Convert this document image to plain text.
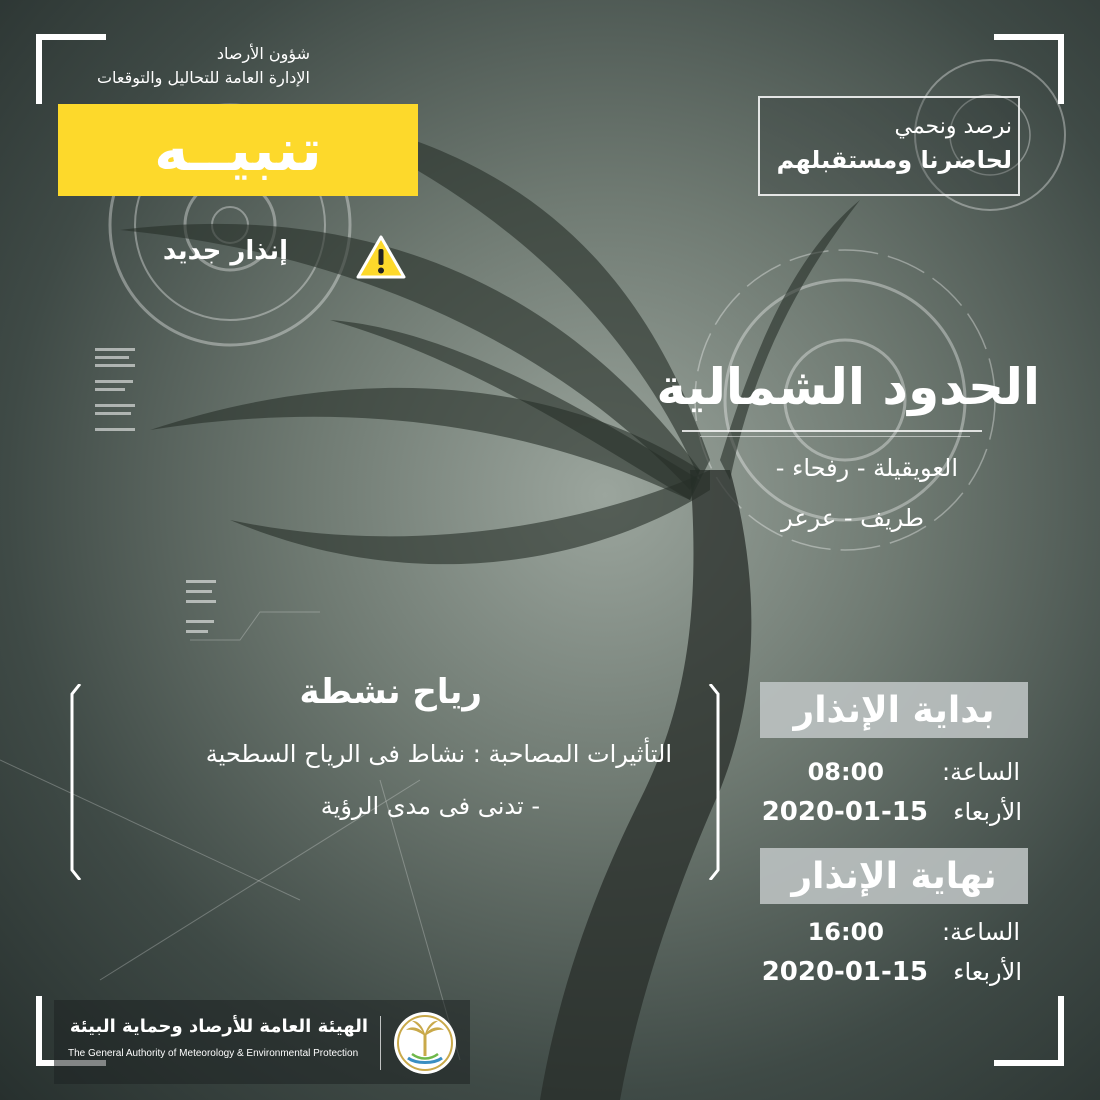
شؤون الأرصاد
الإدارة العامة للتحاليل والتوقعات
تنبيــه
إنذار جديد
نرصد ونحمي
لحاضرنا ومستقبلهم
الحدود الشمالية
العويقيلة - رفحاء -
طريف - عرعر
رياح نشطة
التأثيرات المصاحبة : نشاط فى الرياح السطحية
- تدنى فى مدى الرؤية
بداية الإنذار
الساعة:
08:00
الأربعاء
2020-01-15
نهاية الإنذار
الساعة:
16:00
الأربعاء
2020-01-15
الهيئة العامة للأرصاد وحماية البيئة
The General Authority of Meteorology & Environmental Protection
